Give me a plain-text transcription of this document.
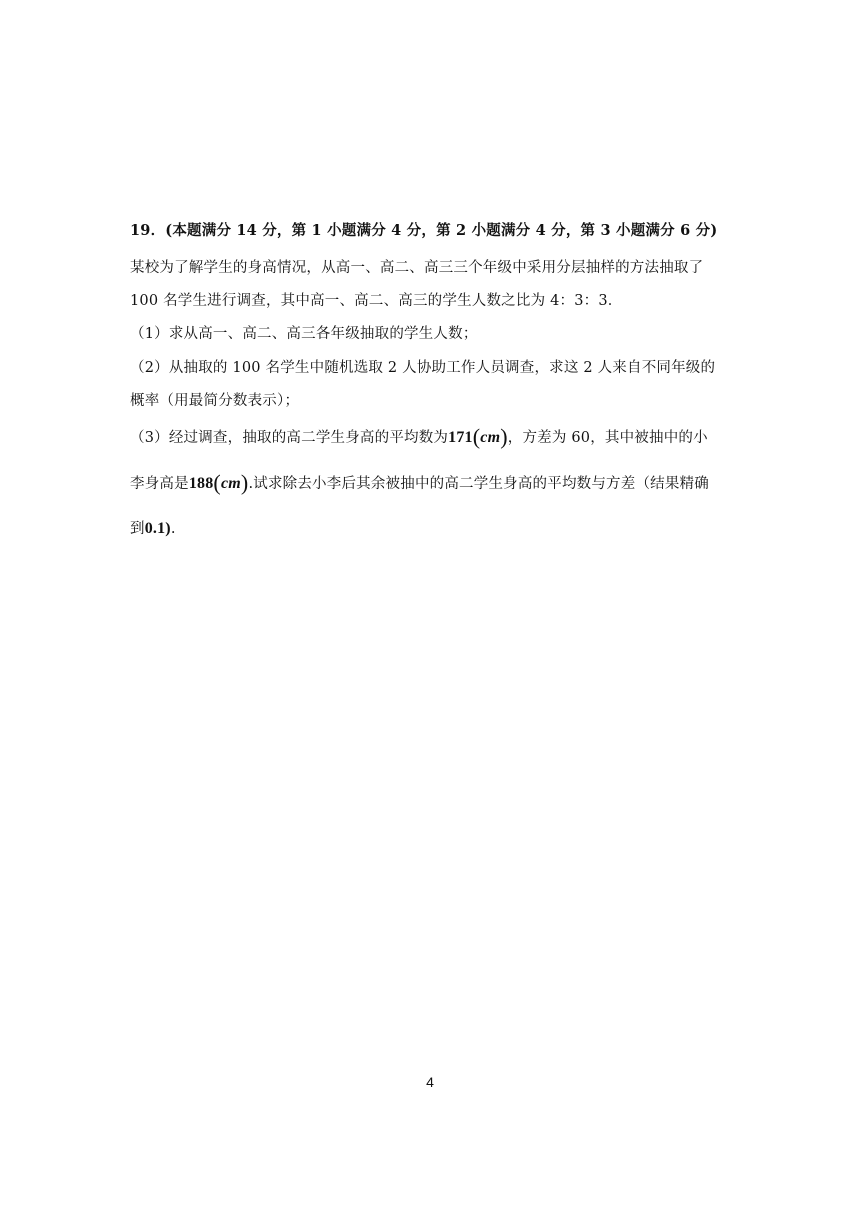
19．(本题满分 14 分，第 1 小题满分 4 分，第 2 小题满分 4 分，第 3 小题满分 6 分)
某校为了解学生的身高情况，从高一、高二、高三三个年级中采用分层抽样的方法抽取了
100 名学生进行调查，其中高一、高二、高三的学生人数之比为 4：3：3．
（1）求从高一、高二、高三各年级抽取的学生人数；
（2）从抽取的 100 名学生中随机选取 2 人协助工作人员调查，求这 2 人来自不同年级的
概率（用最简分数表示）；
（3）经过调查，抽取的高二学生身高的平均数为171(cm)，方差为 60，其中被抽中的小
李身高是188(cm).试求除去小李后其余被抽中的高二学生身高的平均数与方差（结果精确
到0.1).
4
